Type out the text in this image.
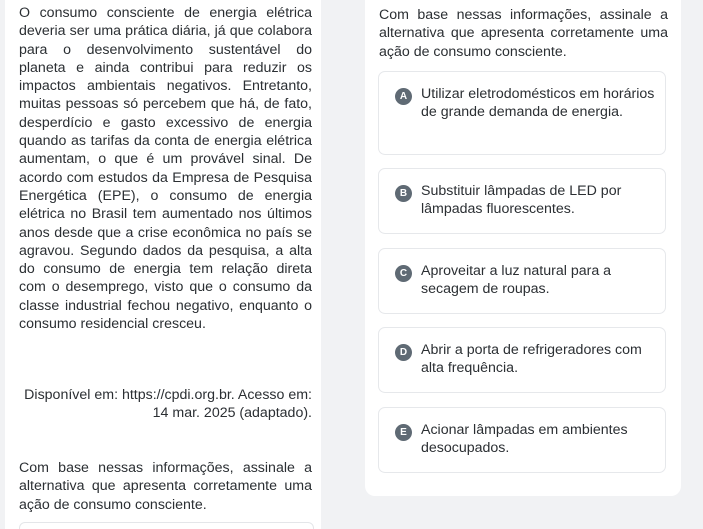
O consumo consciente de energia elétrica deveria ser uma prática diária, já que colabora para o desenvolvimento sustentável do planeta e ainda contribui para reduzir os impactos ambientais negativos. Entretanto, muitas pessoas só percebem que há, de fato, desperdício e gasto excessivo de energia quando as tarifas da conta de energia elétrica aumentam, o que é um provável sinal. De acordo com estudos da Empresa de Pesquisa Energética (EPE), o consumo de energia elétrica no Brasil tem aumentado nos últimos anos desde que a crise econômica no país se agravou. Segundo dados da pesquisa, a alta do consumo de energia tem relação direta com o desemprego, visto que o consumo da classe industrial fechou negativo, enquanto o consumo residencial cresceu.

Disponível em: https://cpdi.org.br. Acesso em: 14 mar. 2025 (adaptado).

Com base nessas informações, assinale a alternativa que apresenta corretamente uma ação de consumo consciente.

Com base nessas informações, assinale a alternativa que apresenta corretamente uma ação de consumo consciente.

A Utilizar eletrodomésticos em horários de grande demanda de energia.

B Substituir lâmpadas de LED por lâmpadas fluorescentes.

C Aproveitar a luz natural para a secagem de roupas.

D Abrir a porta de refrigeradores com alta frequência.

E Acionar lâmpadas em ambientes desocupados.
